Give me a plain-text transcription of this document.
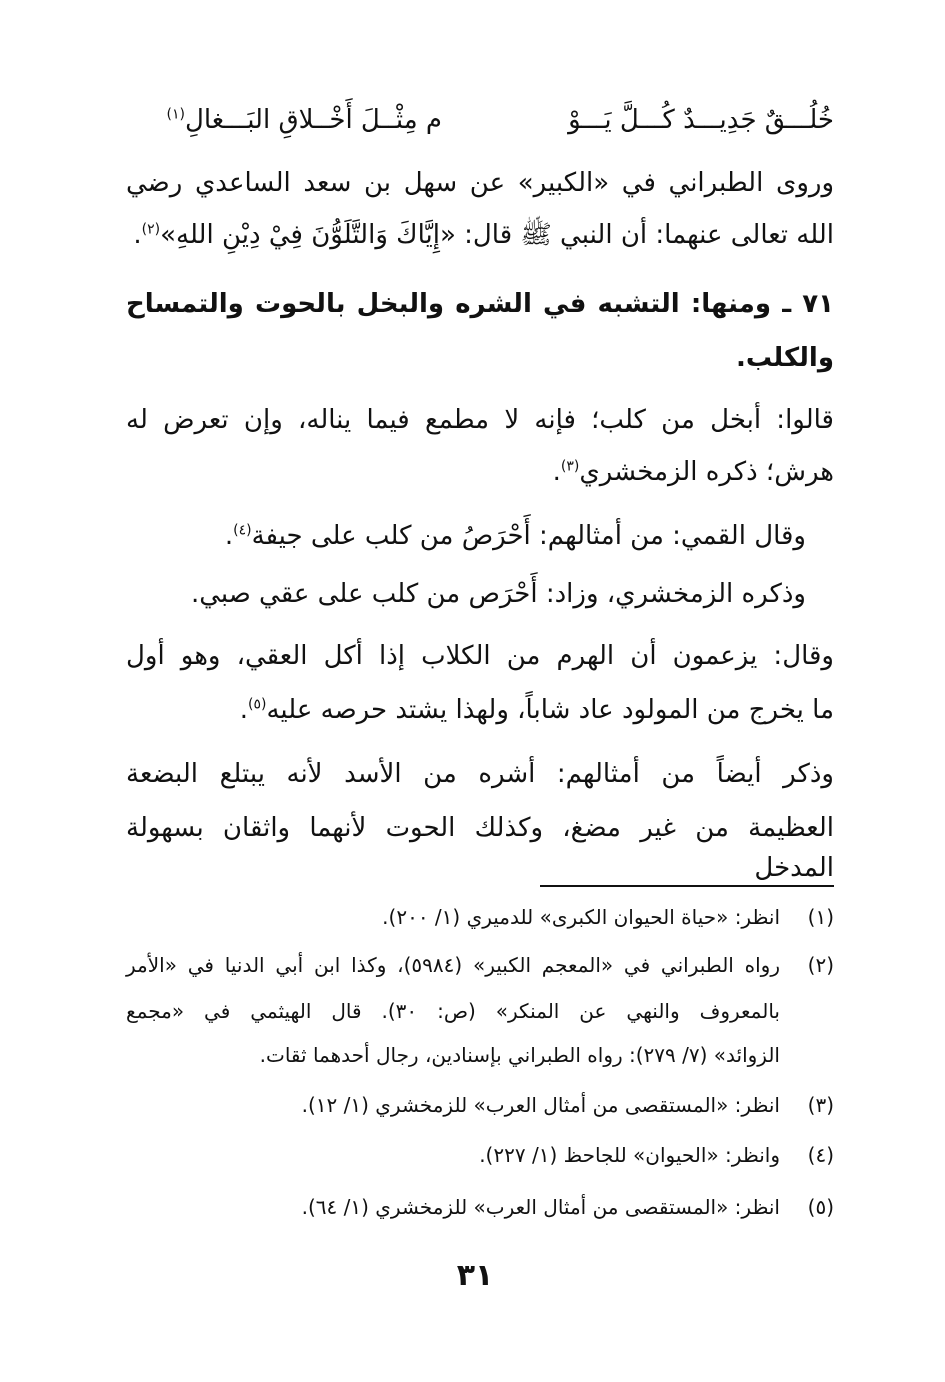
خُلُـــقٌ جَدِيـــدٌ كُـــلَّ يَـــوْ
م مِثْــلَ أَخْــلاقِ البَـــغالِ$^{(١)}$
وروى الطبراني في «الكبير» عن سهل بن سعد الساعدي رضي
الله تعالى عنهما: أن النبي ﷺ قال: «إِيَّاكَ وَالتَّلَوُّنَ فِيْ دِيْنِ اللهِ»$^{(٢)}$.
٧١ ـ ومنها: التشبه في الشره والبخل بالحوت والتمساح
والكلب.
قالوا: أبخل من كلب؛ فإنه لا مطمع فيما يناله، وإن تعرض له
هرش؛ ذكره الزمخشري$^{(٣)}$.
وقال القمي: من أمثالهم: أَحْرَصُ من كلب على جيفة$^{(٤)}$.
وذكره الزمخشري، وزاد: أَحْرَص من كلب على عقي صبي.
وقال: يزعمون أن الهرم من الكلاب إذا أكل العقي، وهو أول
ما يخرج من المولود عاد شاباً، ولهذا يشتد حرصه عليه$^{(٥)}$.
وذكر أيضاً من أمثالهم: أشره من الأسد لأنه يبتلع البضعة
العظيمة من غير مضغ، وكذلك الحوت لأنهما واثقان بسهولة المدخل
(١)
انظر: «حياة الحيوان الكبرى» للدميري (١/ ٢٠٠).
(٢)
رواه الطبراني في «المعجم الكبير» (٥٩٨٤)، وكذا ابن أبي الدنيا في «الأمر
بالمعروف والنهي عن المنكر» (ص: ٣٠). قال الهيثمي في «مجمع
الزوائد» (٧/ ٢٧٩): رواه الطبراني بإسنادين، رجال أحدهما ثقات.
(٣)
انظر: «المستقصى من أمثال العرب» للزمخشري (١/ ١٢).
(٤)
وانظر: «الحيوان» للجاحظ (١/ ٢٢٧).
(٥)
انظر: «المستقصى من أمثال العرب» للزمخشري (١/ ٦٤).
٣١
